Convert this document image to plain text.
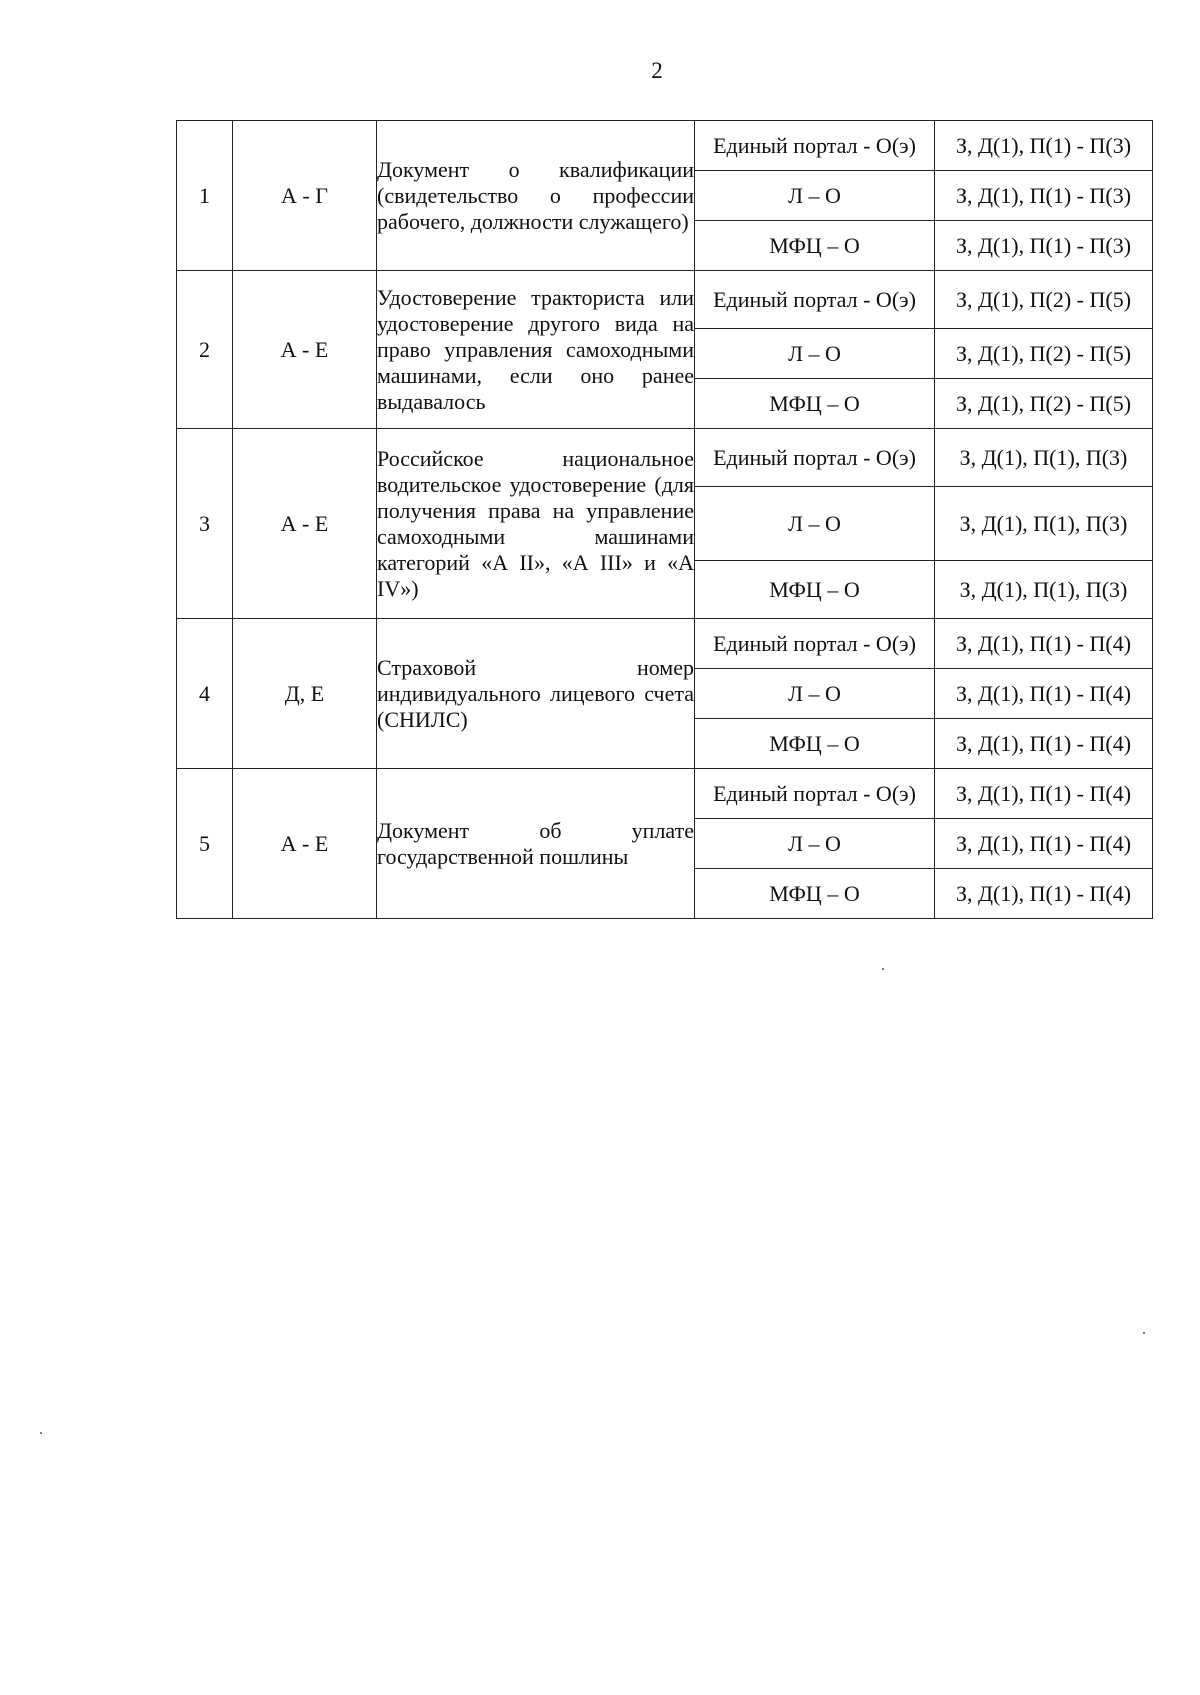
2
1	А - Г	Документ о квалификации (свидетельство о профессии рабочего, должности служащего)	Единый портал - О(э)	З, Д(1), П(1) - П(3)
			Л – О	З, Д(1), П(1) - П(3)
			МФЦ – О	З, Д(1), П(1) - П(3)
2	А - Е	Удостоверение тракториста или удостоверение другого вида на право управления самоходными машинами, если оно ранее выдавалось	Единый портал - О(э)	З, Д(1), П(2) - П(5)
			Л – О	З, Д(1), П(2) - П(5)
			МФЦ – О	З, Д(1), П(2) - П(5)
3	А - Е	Российское национальное водительское удостоверение (для получения права на управление самоходными машинами категорий «А II», «А III» и «А IV»)	Единый портал - О(э)	З, Д(1), П(1), П(3)
			Л – О	З, Д(1), П(1), П(3)
			МФЦ – О	З, Д(1), П(1), П(3)
4	Д, Е	Страховой номер индивидуального лицевого счета (СНИЛС)	Единый портал - О(э)	З, Д(1), П(1) - П(4)
			Л – О	З, Д(1), П(1) - П(4)
			МФЦ – О	З, Д(1), П(1) - П(4)
5	А - Е	Документ об уплате государственной пошлины	Единый портал - О(э)	З, Д(1), П(1) - П(4)
			Л – О	З, Д(1), П(1) - П(4)
			МФЦ – О	З, Д(1), П(1) - П(4)
